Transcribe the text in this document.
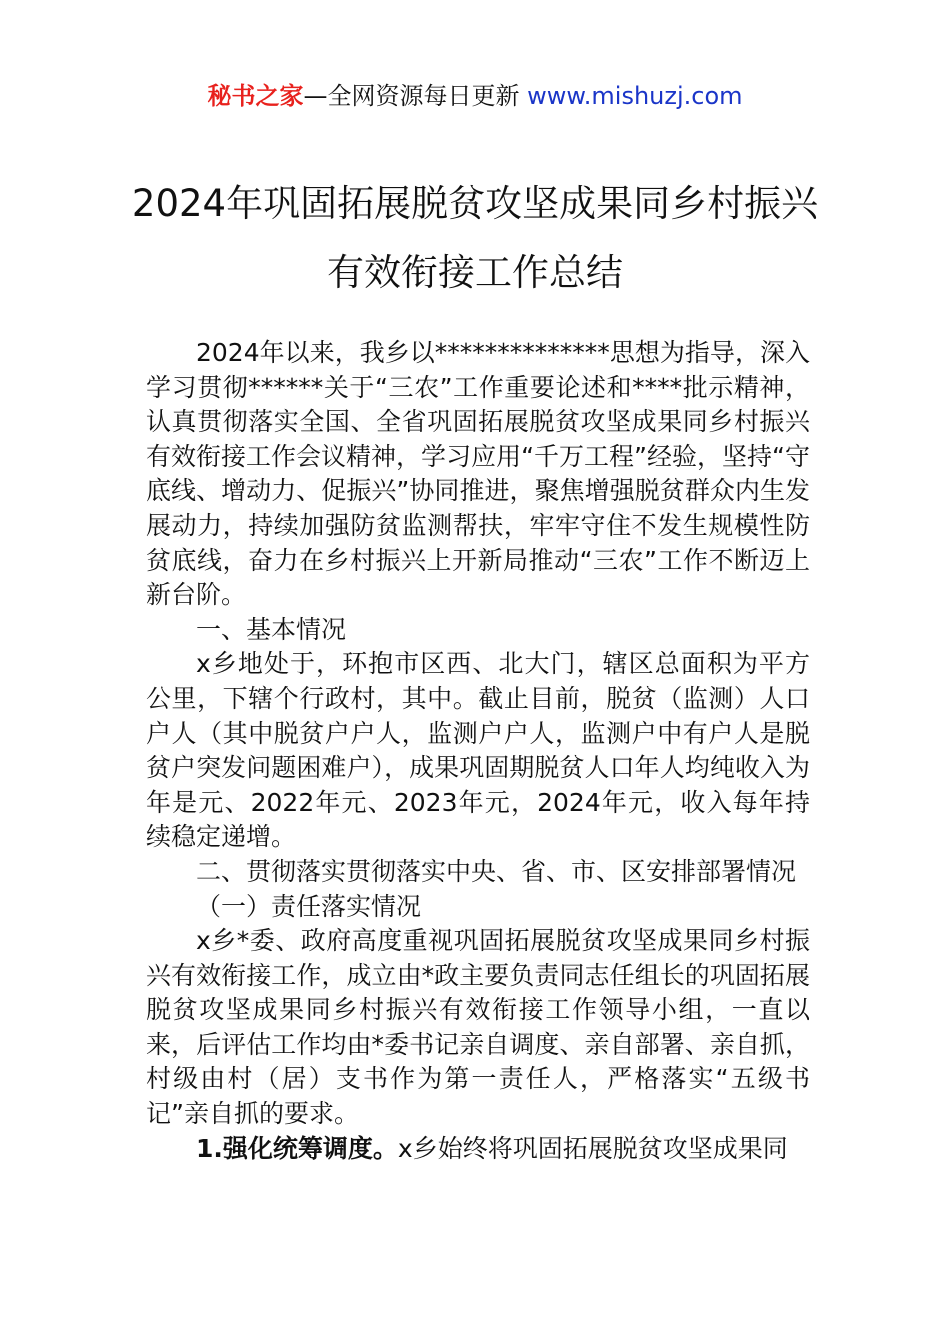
秘书之家—全网资源每日更新 www.mishuzj.com
2024年巩固拓展脱贫攻坚成果同乡村振兴
有效衔接工作总结

2024年以来，我乡以**************思想为指导，深入学习贯彻******关于“三农”工作重要论述和****批示精神，认真贯彻落实全国、全省巩固拓展脱贫攻坚成果同乡村振兴有效衔接工作会议精神，学习应用“千万工程”经验，坚持“守底线、增动力、促振兴”协同推进，聚焦增强脱贫群众内生发展动力，持续加强防贫监测帮扶，牢牢守住不发生规模性防贫底线，奋力在乡村振兴上开新局推动“三农”工作不断迈上新台阶。

一、基本情况

x乡地处于，环抱市区西、北大门，辖区总面积为平方公里，下辖个行政村，其中。截止目前，脱贫（监测）人口户人（其中脱贫户户人，监测户户人，监测户中有户人是脱贫户突发问题困难户），成果巩固期脱贫人口年人均纯收入为年是元、2022年元、2023年元，2024年元，收入每年持续稳定递增。

二、贯彻落实贯彻落实中央、省、市、区安排部署情况

（一）责任落实情况

x乡*委、政府高度重视巩固拓展脱贫攻坚成果同乡村振兴有效衔接工作，成立由*政主要负责同志任组长的巩固拓展脱贫攻坚成果同乡村振兴有效衔接工作领导小组，一直以来，后评估工作均由*委书记亲自调度、亲自部署、亲自抓，村级由村（居）支书作为第一责任人，严格落实“五级书记”亲自抓的要求。

1.强化统筹调度。x乡始终将巩固拓展脱贫攻坚成果同
